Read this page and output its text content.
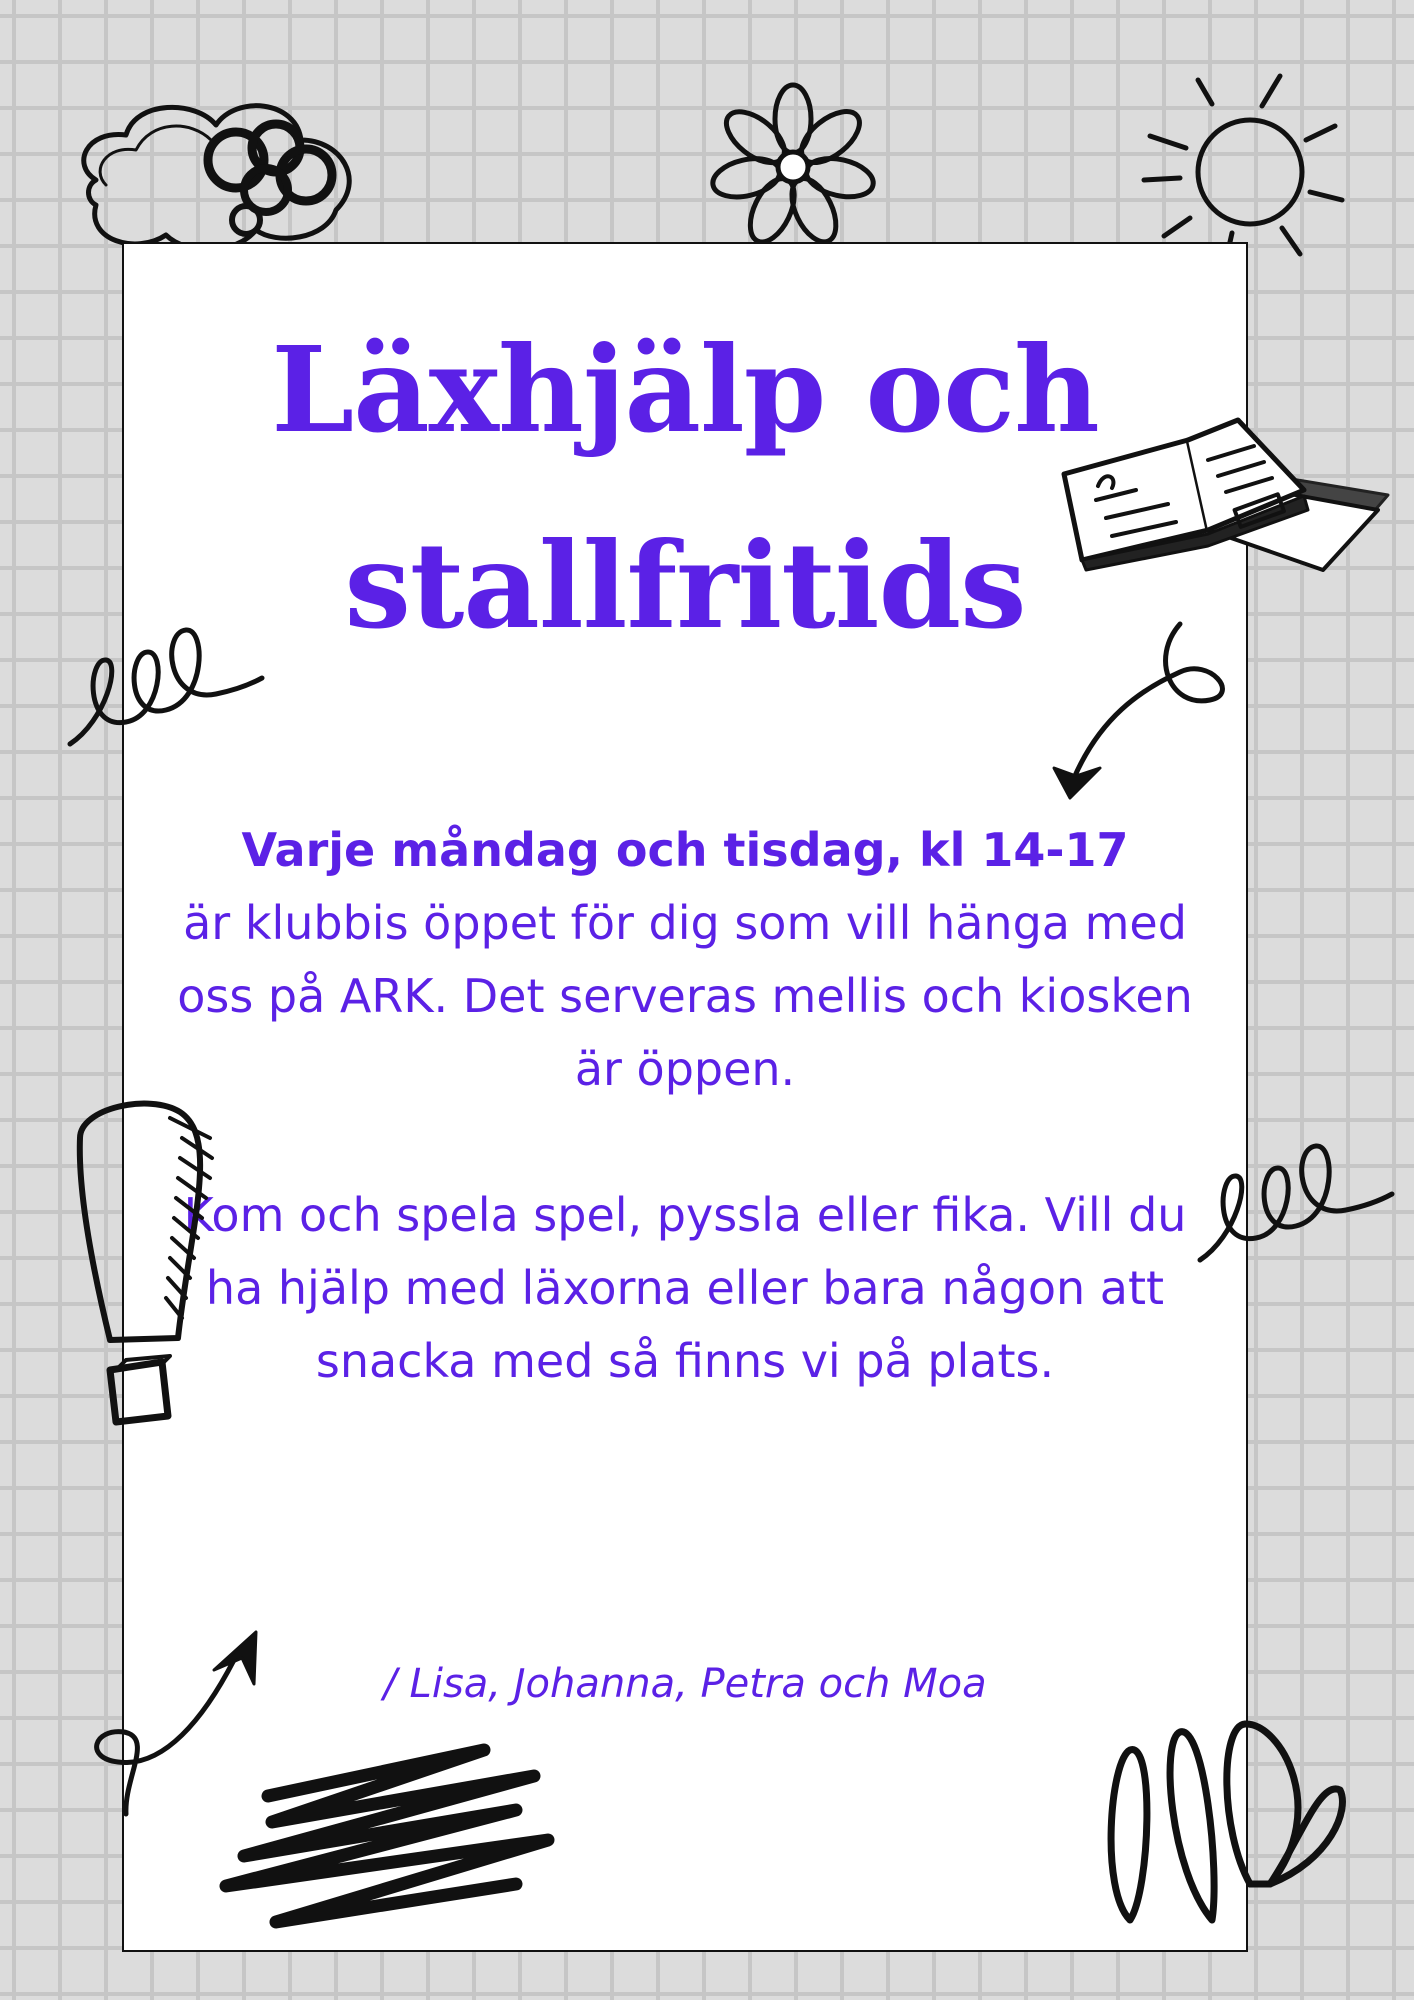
Läxhjälp och
stallfritids

Varje måndag och tisdag, kl 14-17
är klubbis öppet för dig som vill hänga med oss på ARK. Det serveras mellis och kiosken är öppen.

Kom och spela spel, pyssla eller fika. Vill du ha hjälp med läxorna eller bara någon att snacka med så finns vi på plats.

/ Lisa, Johanna, Petra och Moa
